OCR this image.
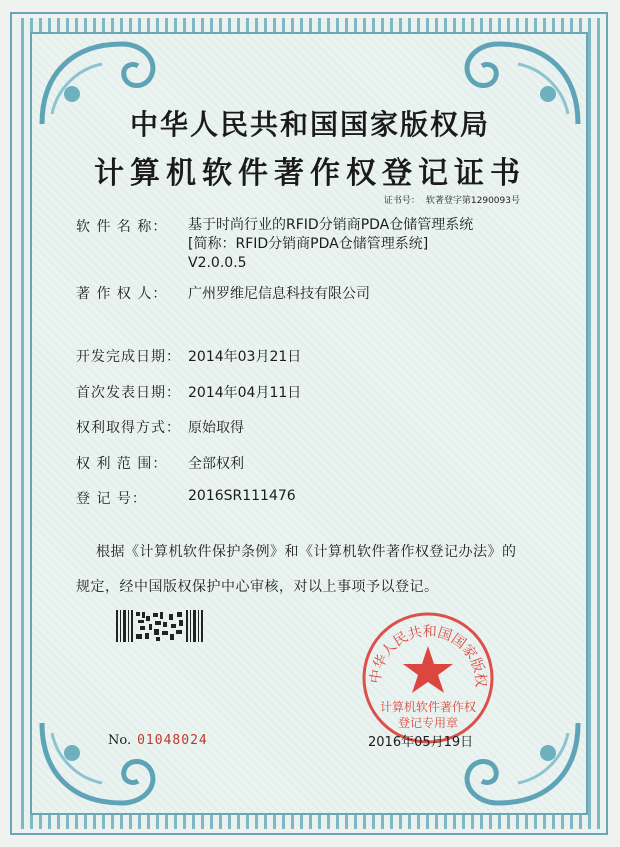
中华人民共和国国家版权局
计算机软件著作权登记证书
证书号： 软著登字第1290093号
软 件 名 称： 基于时尚行业的RFID分销商PDA仓储管理系统
[简称：RFID分销商PDA仓储管理系统]
V2.0.0.5
著 作 权 人： 广州罗维尼信息科技有限公司
开发完成日期： 2014年03月21日
首次发表日期： 2014年04月11日
权利取得方式： 原始取得
权 利 范 围： 全部权利
登 记 号：	2016SR111476
根据《计算机软件保护条例》和《计算机软件著作权登记办法》的
规定，经中国版权保护中心审核，对以上事项予以登记。
No. 01048024
中华人民共和国国家版权
计算机软件著作权
登记专用章
2016年05月19日
